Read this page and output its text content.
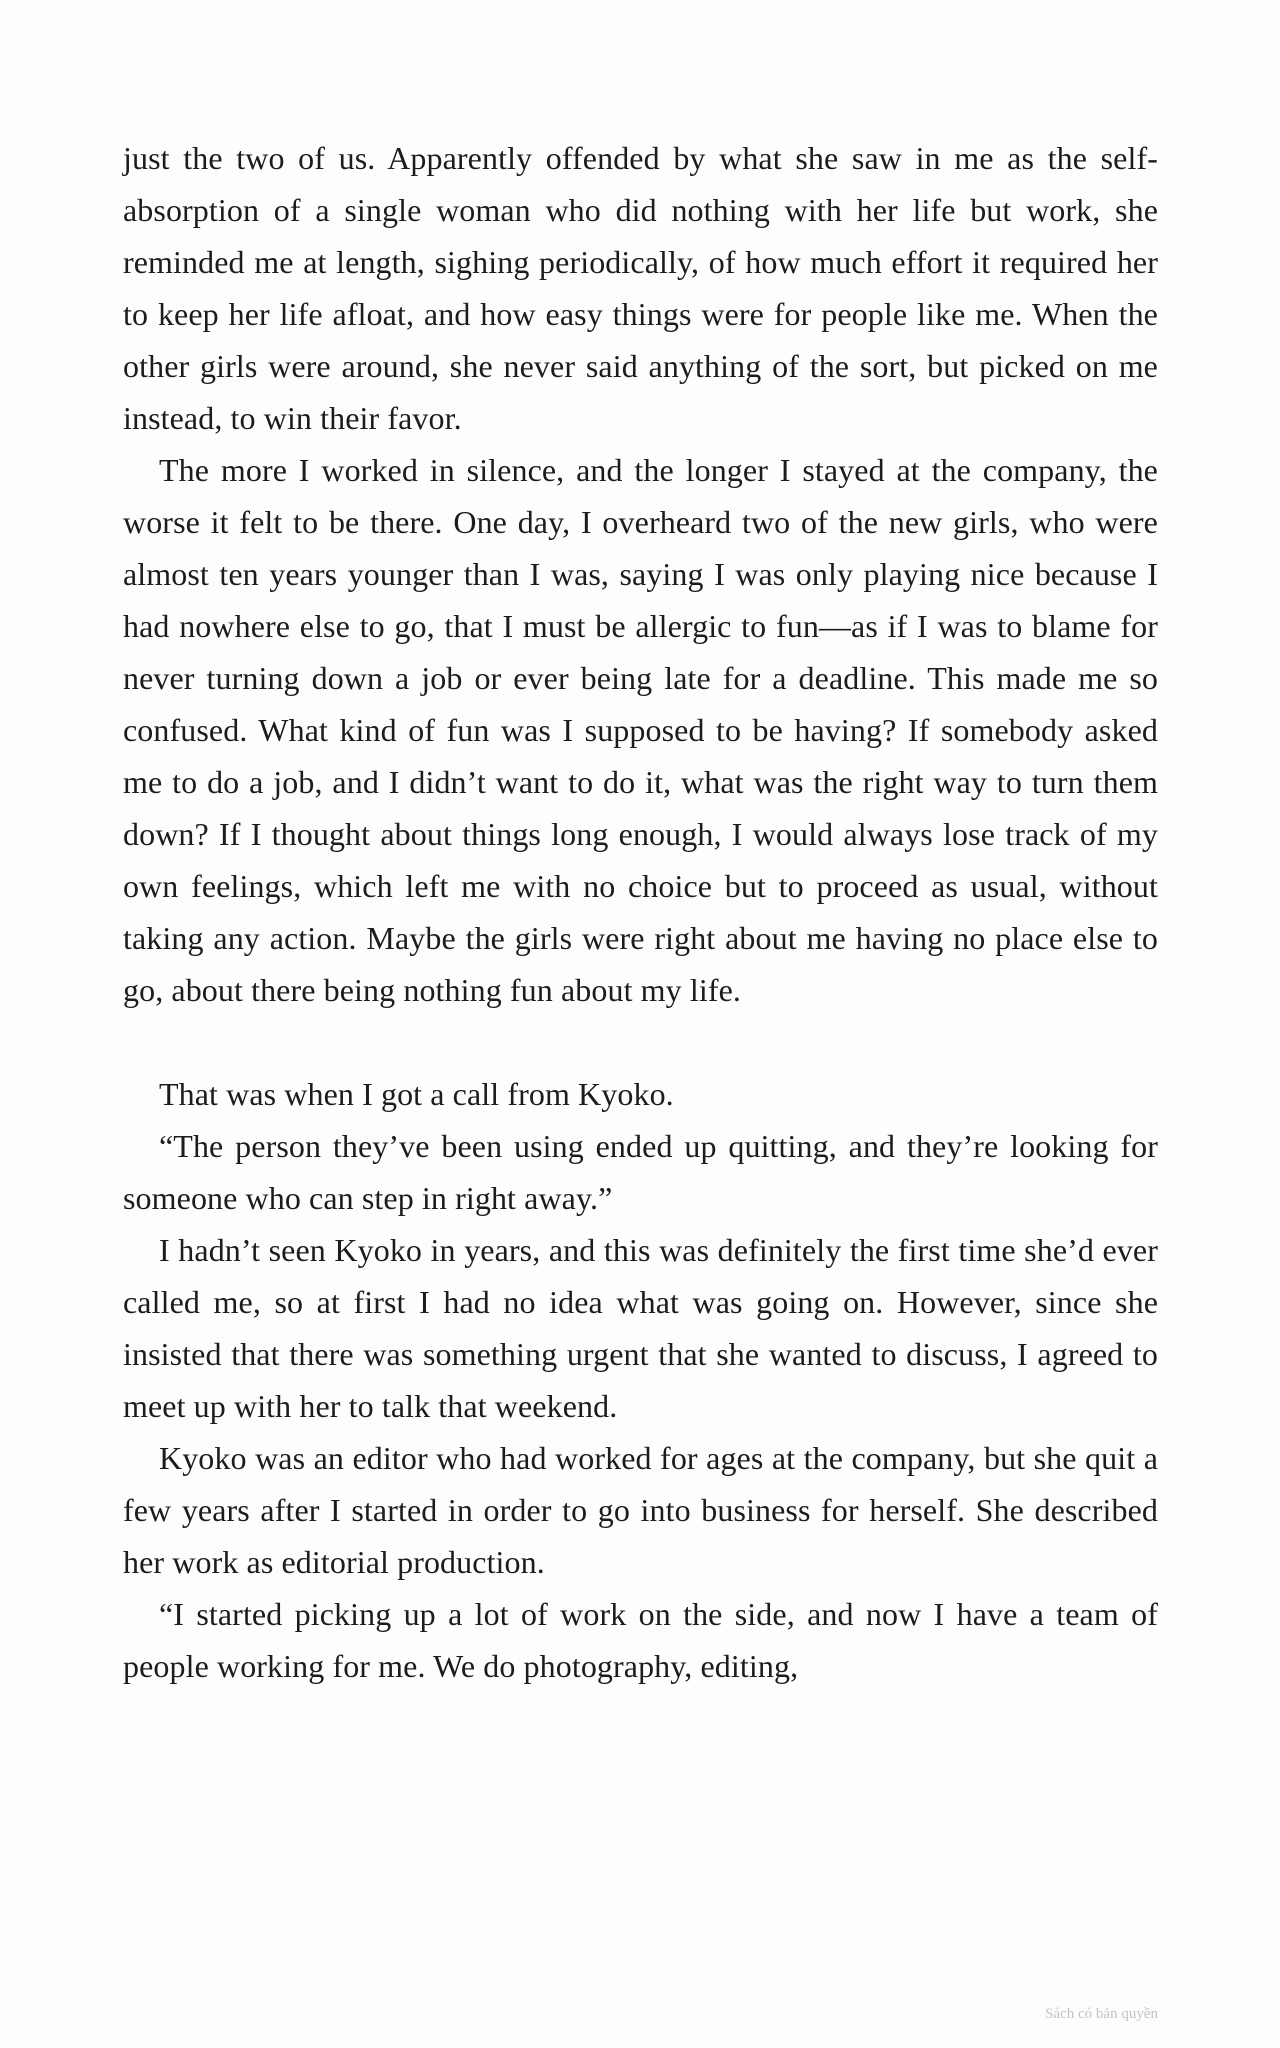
just the two of us. Apparently offended by what she saw in me as the self-absorption of a single woman who did nothing with her life but work, she reminded me at length, sighing periodically, of how much effort it required her to keep her life afloat, and how easy things were for people like me. When the other girls were around, she never said anything of the sort, but picked on me instead, to win their favor.

The more I worked in silence, and the longer I stayed at the company, the worse it felt to be there. One day, I overheard two of the new girls, who were almost ten years younger than I was, saying I was only playing nice because I had nowhere else to go, that I must be allergic to fun—as if I was to blame for never turning down a job or ever being late for a deadline. This made me so confused. What kind of fun was I supposed to be having? If somebody asked me to do a job, and I didn’t want to do it, what was the right way to turn them down? If I thought about things long enough, I would always lose track of my own feelings, which left me with no choice but to proceed as usual, without taking any action. Maybe the girls were right about me having no place else to go, about there being nothing fun about my life.

That was when I got a call from Kyoko.

“The person they’ve been using ended up quitting, and they’re looking for someone who can step in right away.”

I hadn’t seen Kyoko in years, and this was definitely the first time she’d ever called me, so at first I had no idea what was going on. However, since she insisted that there was something urgent that she wanted to discuss, I agreed to meet up with her to talk that weekend.

Kyoko was an editor who had worked for ages at the company, but she quit a few years after I started in order to go into business for herself. She described her work as editorial production.

“I started picking up a lot of work on the side, and now I have a team of people working for me. We do photography, editing,

Sách có bản quyền
